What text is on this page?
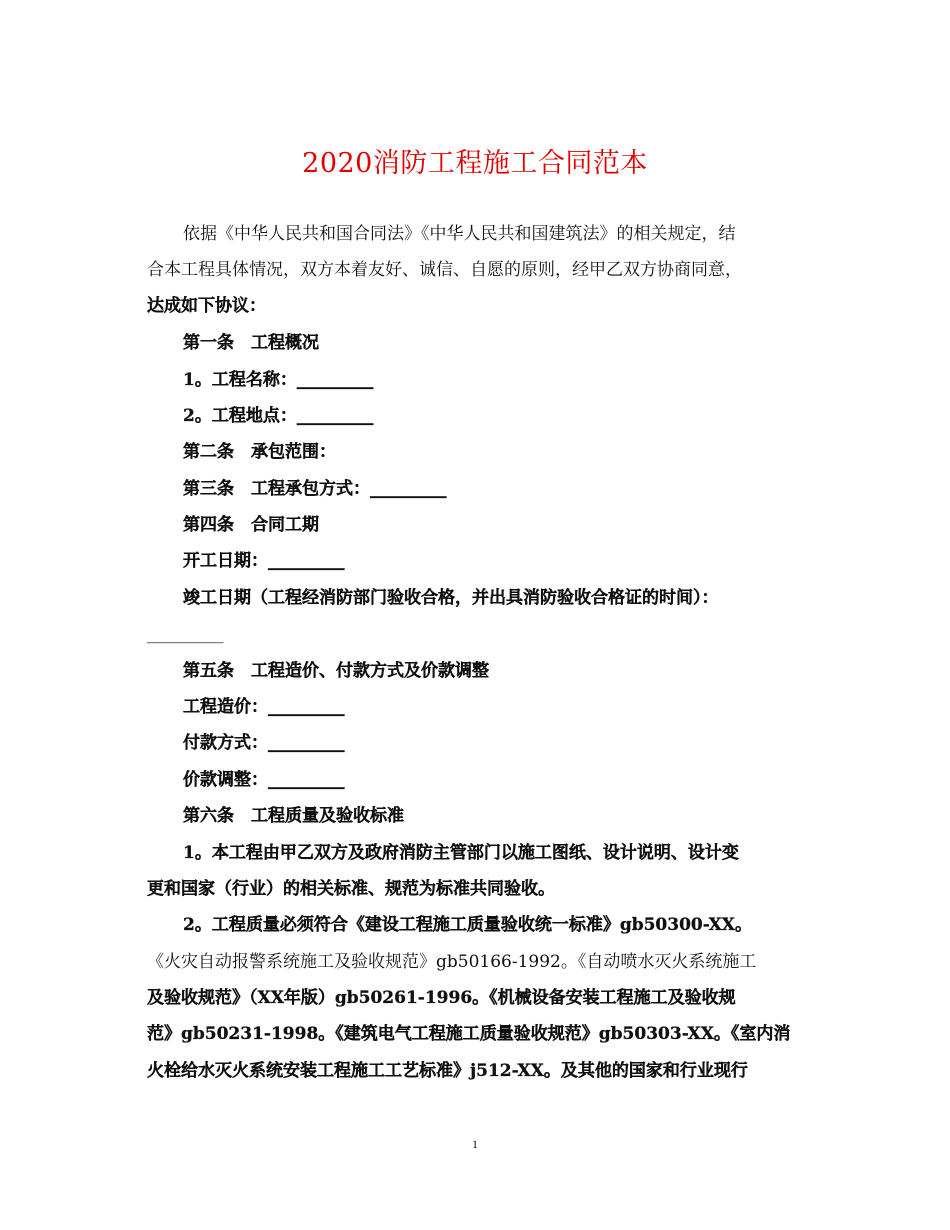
2020消防工程施工合同范本
依据《中华人民共和国合同法》《中华人民共和国建筑法》的相关规定，结
合本工程具体情况，双方本着友好、诚信、自愿的原则，经甲乙双方协商同意，
达成如下协议：
第一条　工程概况
1。工程名称：_________
2。工程地点：_________
第二条　承包范围：
第三条　工程承包方式：_________
第四条　合同工期
开工日期：_________
竣工日期（工程经消防部门验收合格，并出具消防验收合格证的时间）：
_________
第五条　工程造价、付款方式及价款调整
工程造价：_________
付款方式：_________
价款调整：_________
第六条　工程质量及验收标准
1。本工程由甲乙双方及政府消防主管部门以施工图纸、设计说明、设计变
更和国家（行业）的相关标准、规范为标准共同验收。
2。工程质量必须符合《建设工程施工质量验收统一标准》gb50300-XX。
《火灾自动报警系统施工及验收规范》gb50166-1992。《自动喷水灭火系统施工
及验收规范》（XX年版）gb50261-1996。《机械设备安装工程施工及验收规
范》gb50231-1998。《建筑电气工程施工质量验收规范》gb50303-XX。《室内消
火栓给水灭火系统安装工程施工工艺标准》j512-XX。及其他的国家和行业现行
1
